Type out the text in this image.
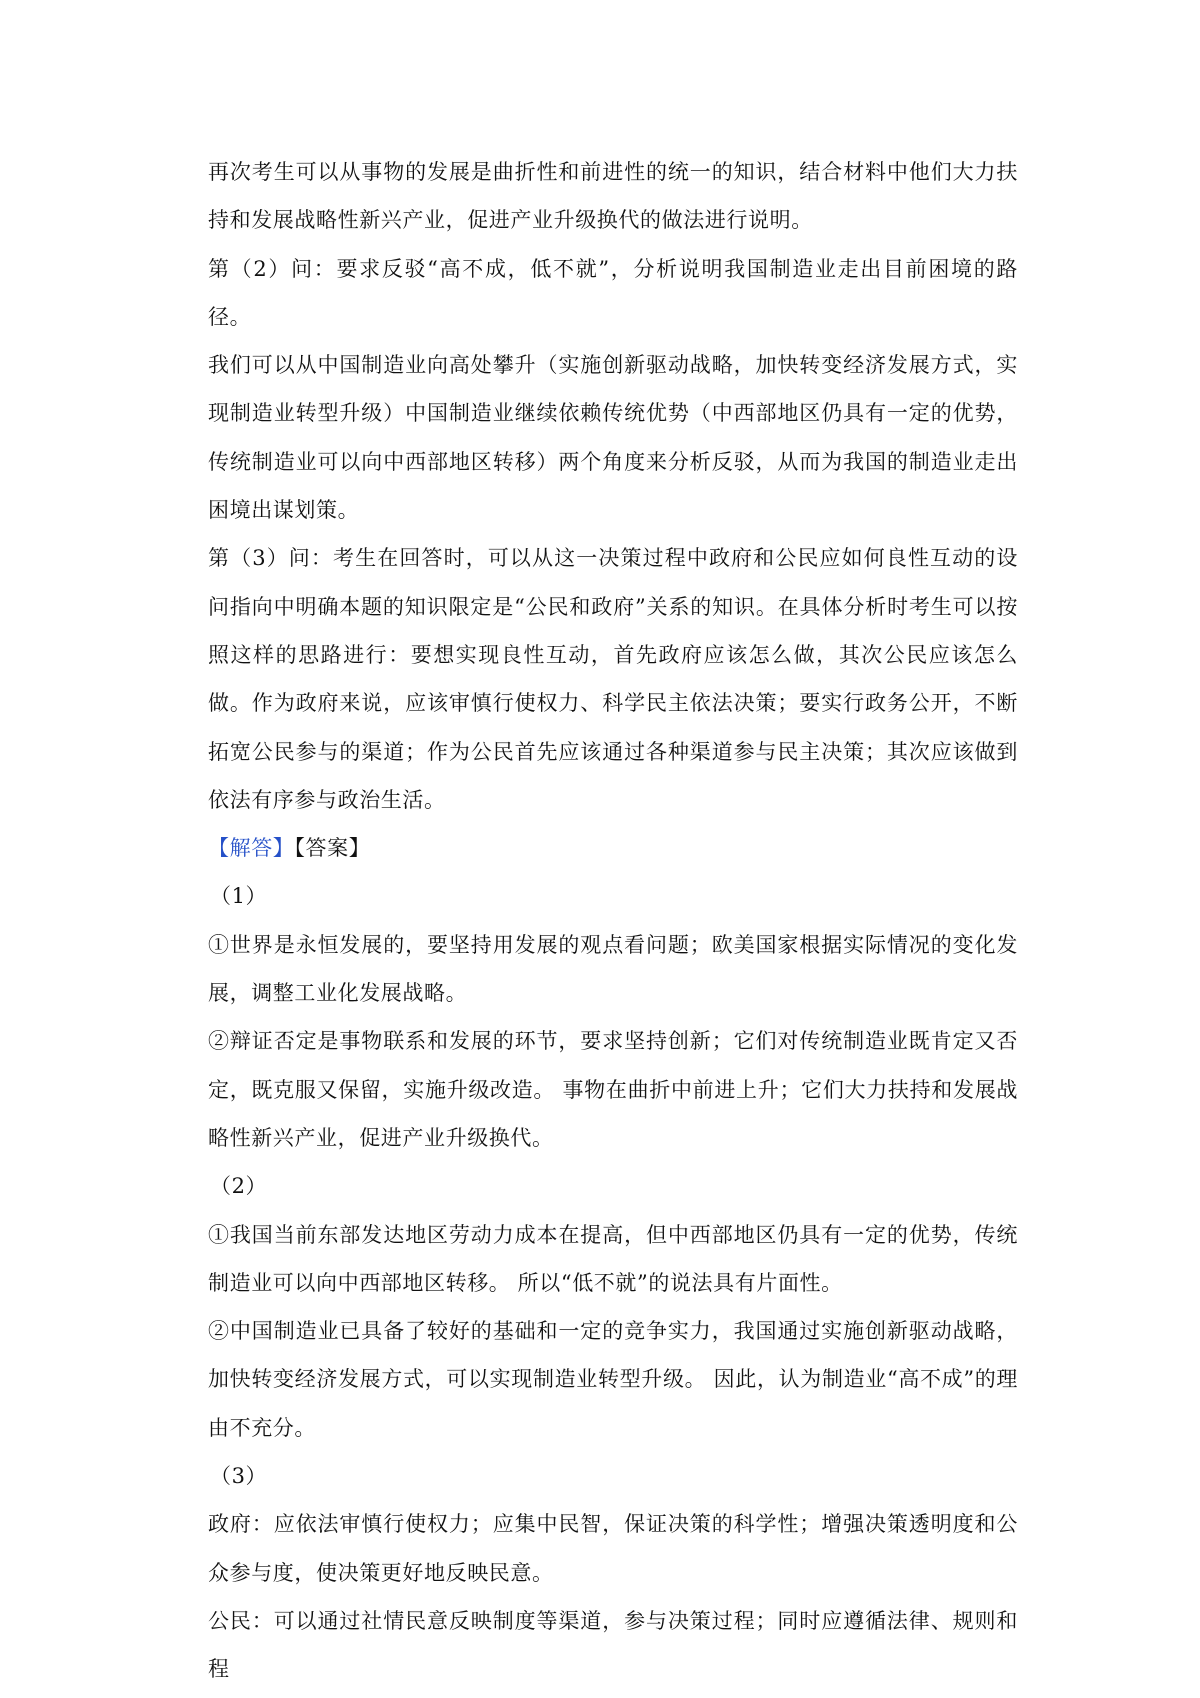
再次考生可以从事物的发展是曲折性和前进性的统一的知识，结合材料中他们大力扶持和发展战略性新兴产业，促进产业升级换代的做法进行说明。

第（2）问：要求反驳“高不成，低不就”，分析说明我国制造业走出目前困境的路径。

我们可以从中国制造业向高处攀升（实施创新驱动战略，加快转变经济发展方式，实现制造业转型升级）中国制造业继续依赖传统优势（中西部地区仍具有一定的优势，传统制造业可以向中西部地区转移）两个角度来分析反驳，从而为我国的制造业走出困境出谋划策。

第（3）问：考生在回答时，可以从这一决策过程中政府和公民应如何良性互动的设问指向中明确本题的知识限定是“公民和政府”关系的知识。在具体分析时考生可以按照这样的思路进行：要想实现良性互动，首先政府应该怎么做，其次公民应该怎么做。作为政府来说，应该审慎行使权力、科学民主依法决策；要实行政务公开，不断拓宽公民参与的渠道；作为公民首先应该通过各种渠道参与民主决策；其次应该做到依法有序参与政治生活。

【解答】【答案】

（1）

①世界是永恒发展的，要坚持用发展的观点看问题；欧美国家根据实际情况的变化发展，调整工业化发展战略。

②辩证否定是事物联系和发展的环节，要求坚持创新；它们对传统制造业既肯定又否定，既克服又保留，实施升级改造。 事物在曲折中前进上升；它们大力扶持和发展战略性新兴产业，促进产业升级换代。

（2）

①我国当前东部发达地区劳动力成本在提高，但中西部地区仍具有一定的优势，传统制造业可以向中西部地区转移。 所以“低不就”的说法具有片面性。

②中国制造业已具备了较好的基础和一定的竞争实力，我国通过实施创新驱动战略，加快转变经济发展方式，可以实现制造业转型升级。 因此，认为制造业“高不成”的理由不充分。

（3）

政府：应依法审慎行使权力；应集中民智，保证决策的科学性；增强决策透明度和公众参与度，使决策更好地反映民意。

公民：可以通过社情民意反映制度等渠道，参与决策过程；同时应遵循法律、规则和程
